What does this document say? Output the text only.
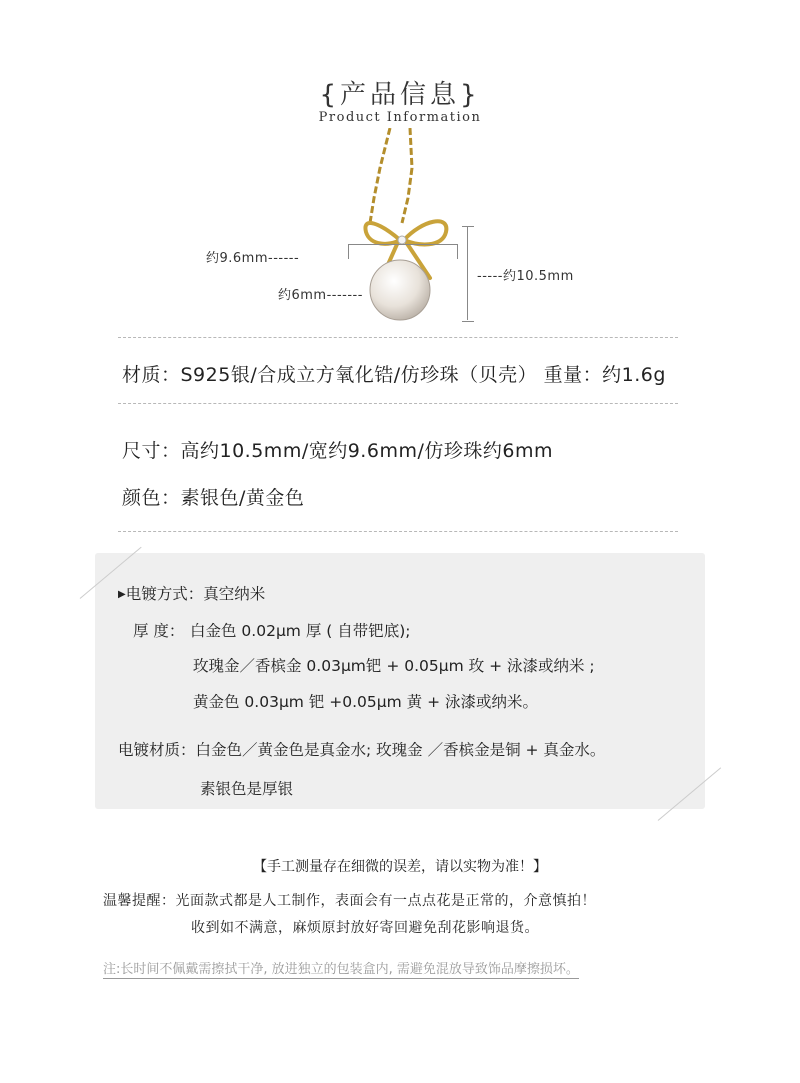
{产品信息}
Product Information
约9.6mm------
-----约10.5mm
约6mm-------
材质：S925银/合成立方氧化锆/仿珍珠（贝壳） 重量：约1.6g
尺寸：高约10.5mm/宽约9.6mm/仿珍珠约6mm
颜色：素银色/黄金色
▶电镀方式：真空纳米
厚 度： 白金色 0.02μm 厚 ( 自带钯底);
玫瑰金／香槟金 0.03μm钯 + 0.05μm 玫 + 泳漆或纳米 ;
黄金色 0.03μm 钯 +0.05μm 黄 + 泳漆或纳米。
电镀材质：白金色／黄金色是真金水; 玫瑰金 ／香槟金是铜 + 真金水。
素银色是厚银
【手工测量存在细微的误差，请以实物为准！】
温馨提醒：光面款式都是人工制作，表面会有一点点花是正常的，介意慎拍！
收到如不满意，麻烦原封放好寄回避免刮花影响退货。
注:长时间不佩戴需擦拭干净, 放进独立的包装盒内, 需避免混放导致饰品摩擦损坏。
